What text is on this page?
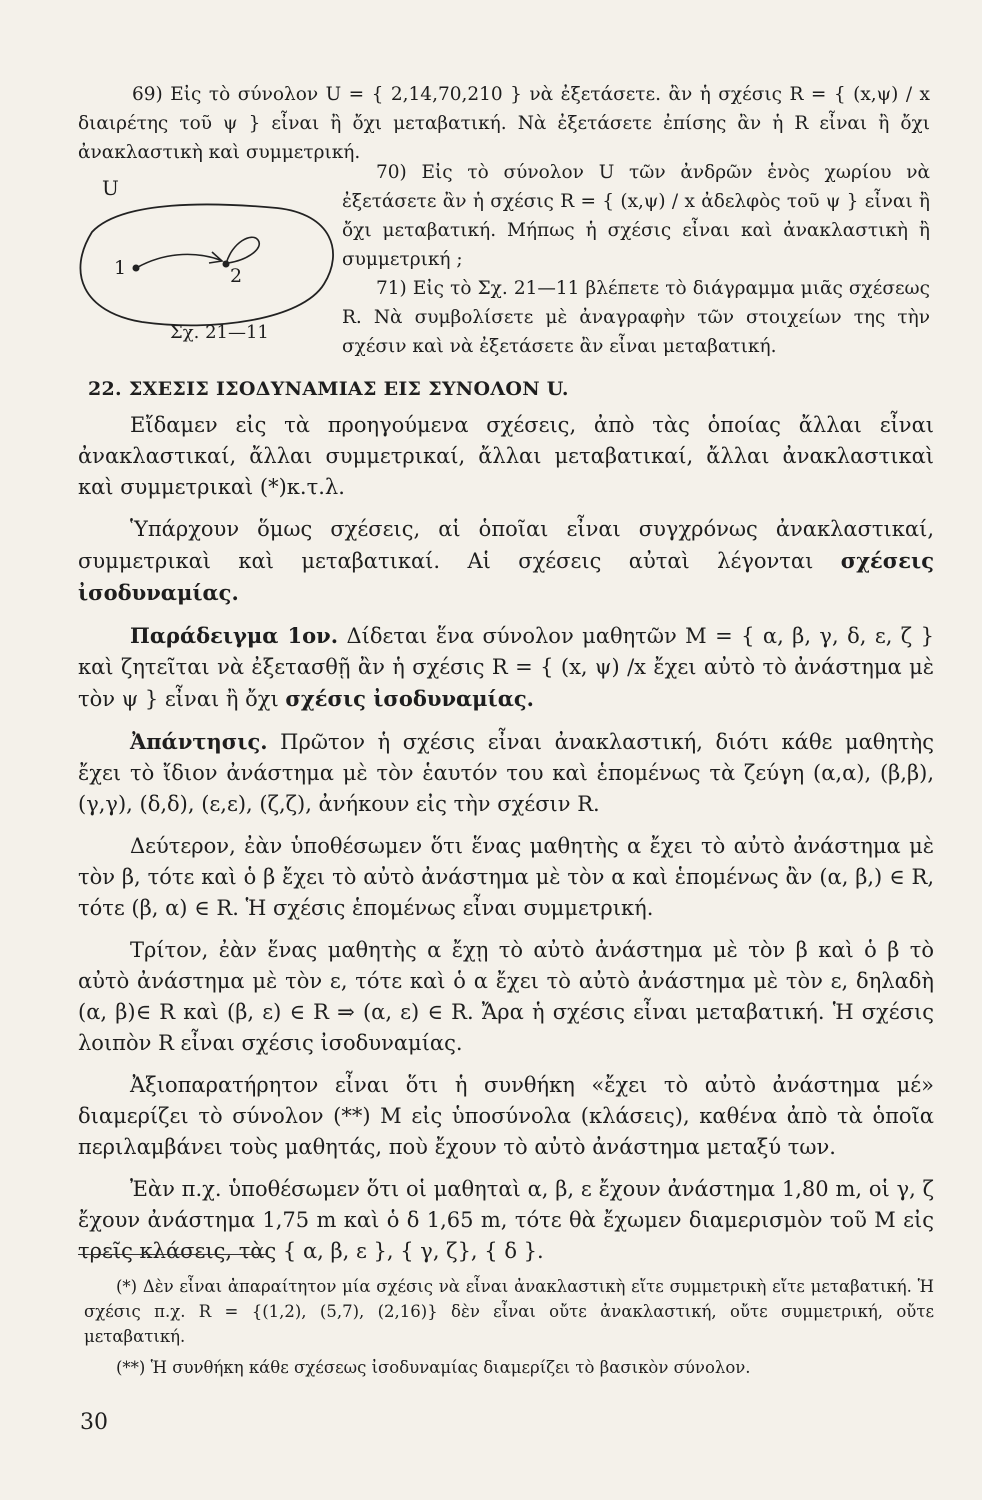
69) Εἰς τὸ σύνολον U = { 2,14,70,210 } νὰ ἐξετάσετε. ἂν ἡ σχέσις R = { (x,ψ) / x διαιρέτης τοῦ ψ } εἶναι ἢ ὄχι μεταβατική. Νὰ ἐξετάσετε ἐπίσης ἂν ἡ R εἶναι ἢ ὄχι ἀνακλαστικὴ καὶ συμμετρική.
U
1	2
Σχ. 21—11
70) Εἰς τὸ σύνολον U τῶν ἀνδρῶν ἑνὸς χωρίου νὰ ἐξετάσετε ἂν ἡ σχέσις R = { (x,ψ) / x ἀδελφὸς τοῦ ψ } εἶναι ἢ ὄχι μεταβατική. Μήπως ἡ σχέσις εἶναι καὶ ἀνακλαστικὴ ἢ συμμετρική ;
71) Εἰς τὸ Σχ. 21—11 βλέπετε τὸ διάγραμμα μιᾶς σχέσεως R. Νὰ συμβολίσετε μὲ ἀναγραφὴν τῶν στοιχείων της τὴν σχέσιν καὶ νὰ ἐξετάσετε ἂν εἶναι μεταβατική.
22. ΣΧΕΣΙΣ ΙΣΟΔΥΝΑΜΙΑΣ ΕΙΣ ΣΥΝΟΛΟΝ U.

Εἴδαμεν εἰς τὰ προηγούμενα σχέσεις, ἀπὸ τὰς ὁποίας ἄλλαι εἶναι ἀνακλαστικαί, ἄλλαι συμμετρικαί, ἄλλαι μεταβατικαί, ἄλλαι ἀνακλαστικαὶ καὶ συμμετρικαὶ (*)κ.τ.λ.

Ὑπάρχουν ὅμως σχέσεις, αἱ ὁποῖαι εἶναι συγχρόνως ἀνακλαστικαί, συμμετρικαὶ καὶ μεταβατικαί. Αἱ σχέσεις αὐταὶ λέγονται σχέσεις ἰσοδυναμίας.

Παράδειγμα 1ον. Δίδεται ἕνα σύνολον μαθητῶν M = { α, β, γ, δ, ε, ζ } καὶ ζητεῖται νὰ ἐξετασθῇ ἂν ἡ σχέσις R = { (x, ψ) /x ἔχει αὐτὸ τὸ ἀνάστημα μὲ τὸν ψ } εἶναι ἢ ὄχι σχέσις ἰσοδυναμίας.

Ἀπάντησις. Πρῶτον ἡ σχέσις εἶναι ἀνακλαστική, διότι κάθε μαθητὴς ἔχει τὸ ἴδιον ἀνάστημα μὲ τὸν ἑαυτόν του καὶ ἑπομένως τὰ ζεύγη (α,α), (β,β), (γ,γ), (δ,δ), (ε,ε), (ζ,ζ), ἀνήκουν εἰς τὴν σχέσιν R.

Δεύτερον, ἐὰν ὑποθέσωμεν ὅτι ἕνας μαθητὴς α ἔχει τὸ αὐτὸ ἀνάστημα μὲ τὸν β, τότε καὶ ὁ β ἔχει τὸ αὐτὸ ἀνάστημα μὲ τὸν α καὶ ἑπομένως ἂν (α, β,) ∈ R, τότε (β, α) ∈ R. Ἡ σχέσις ἑπομένως εἶναι συμμετρική.

Τρίτον, ἐὰν ἕνας μαθητὴς α ἔχῃ τὸ αὐτὸ ἀνάστημα μὲ τὸν β καὶ ὁ β τὸ αὐτὸ ἀνάστημα μὲ τὸν ε, τότε καὶ ὁ α ἔχει τὸ αὐτὸ ἀνάστημα μὲ τὸν ε, δηλαδὴ (α, β)∈ R καὶ (β, ε) ∈ R ⇒ (α, ε) ∈ R. Ἄρα ἡ σχέσις εἶναι μεταβατική. Ἡ σχέσις λοιπὸν R εἶναι σχέσις ἰσοδυναμίας.

Ἀξιοπαρατήρητον εἶναι ὅτι ἡ συνθήκη «ἔχει τὸ αὐτὸ ἀνάστημα μέ» διαμερίζει τὸ σύνολον (**) M εἰς ὑποσύνολα (κλάσεις), καθένα ἀπὸ τὰ ὁποῖα περιλαμβάνει τοὺς μαθητάς, ποὺ ἔχουν τὸ αὐτὸ ἀνάστημα μεταξύ των.

Ἐὰν π.χ. ὑποθέσωμεν ὅτι οἱ μαθηταὶ α, β, ε ἔχουν ἀνάστημα 1,80 m, οἱ γ, ζ ἔχουν ἀνάστημα 1,75 m καὶ ὁ δ 1,65 m, τότε θὰ ἔχωμεν διαμερισμὸν τοῦ M εἰς τρεῖς κλάσεις, τὰς { α, β, ε }, { γ, ζ}, { δ }.

(*) Δὲν εἶναι ἀπαραίτητον μία σχέσις νὰ εἶναι ἀνακλαστικὴ εἴτε συμμετρικὴ εἴτε μεταβατική. Ἡ σχέσις π.χ. R = {(1,2), (5,7), (2,16)} δὲν εἶναι οὔτε ἀνακλαστική, οὔτε συμμετρική, οὔτε μεταβατική.

(**) Ἡ συνθήκη κάθε σχέσεως ἰσοδυναμίας διαμερίζει τὸ βασικὸν σύνολον.

30
